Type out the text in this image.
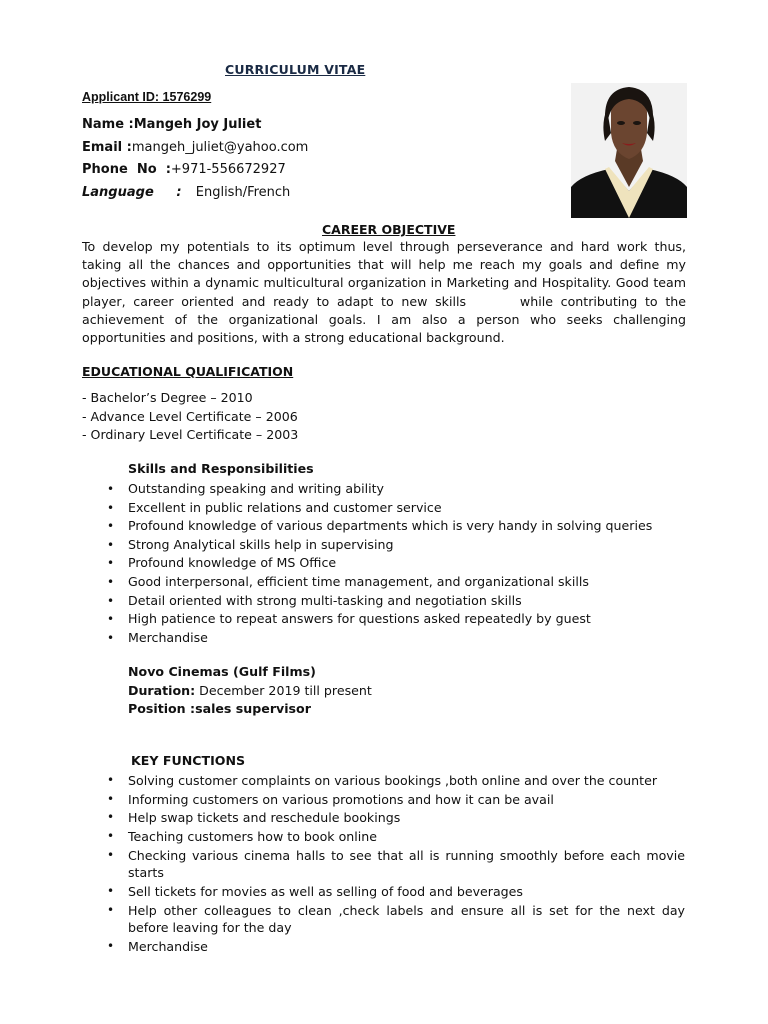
CURRICULUM VITAE
Applicant ID: 1576299
Name :Mangeh Joy Juliet
Email :mangeh_juliet@yahoo.com
Phone  No  :+971-556672927
Language     : English/French
CAREER OBJECTIVE
To develop my potentials to its optimum level through perseverance and hard work thus, taking all the chances and opportunities that will help me reach my goals and define my objectives within a dynamic multicultural organization in Marketing and Hospitality. Good team player, career oriented and ready to adapt to new skills       while contributing to the achievement of the organizational goals. I am also a person who seeks challenging opportunities and positions, with a strong educational background.
EDUCATIONAL QUALIFICATION
- Bachelor’s Degree – 2010
- Advance Level Certificate – 2006
- Ordinary Level Certificate – 2003
Skills and Responsibilities
• Outstanding speaking and writing ability
• Excellent in public relations and customer service
• Profound knowledge of various departments which is very handy in solving queries
• Strong Analytical skills help in supervising
• Profound knowledge of MS Office
• Good interpersonal, efficient time management, and organizational skills
• Detail oriented with strong multi-tasking and negotiation skills
• High patience to repeat answers for questions asked repeatedly by guest
• Merchandise
Novo Cinemas (Gulf Films)
Duration: December 2019 till present
Position :sales supervisor
KEY FUNCTIONS
• Solving customer complaints on various bookings ,both online and over the counter
• Informing customers on various promotions and how it can be avail
• Help swap tickets and reschedule bookings
• Teaching customers how to book online
• Checking various cinema halls to see that all is running smoothly before each movie starts
• Sell tickets for movies as well as selling of food and beverages
• Help other colleagues to clean ,check labels and ensure all is set for the next day before leaving for the day
• Merchandise
